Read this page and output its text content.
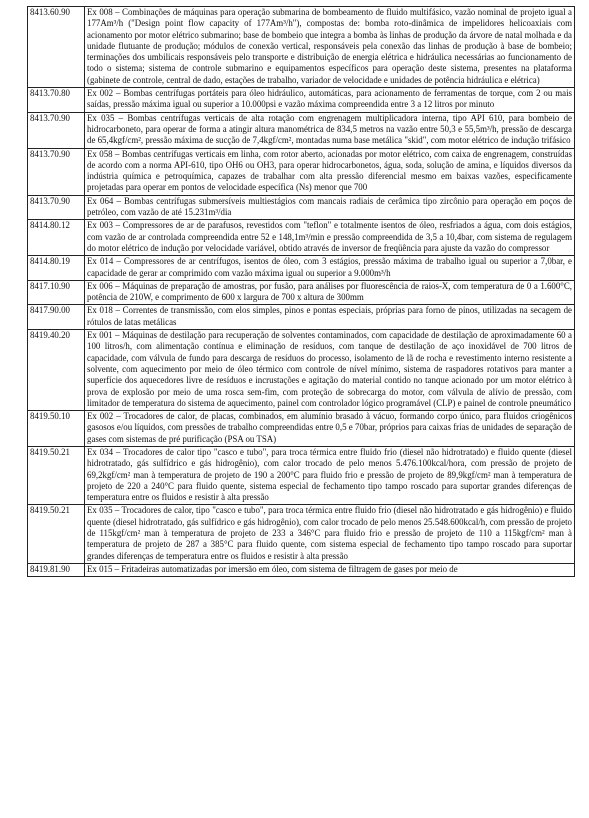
8413.60.90	Ex 008 – Combinações de máquinas para operação submarina de bombeamento de fluido multifásico, vazão nominal de projeto igual a 177Am³/h ("Design point flow capacity of 177Am³/h"), compostas de: bomba roto-dinâmica de impelidores helicoaxiais com acionamento por motor elétrico submarino; base de bombeio que integra a bomba às linhas de produção da árvore de natal molhada e da unidade flutuante de produção; módulos de conexão vertical, responsáveis pela conexão das linhas de produção à base de bombeio; terminações dos umbilicais responsáveis pelo transporte e distribuição de energia elétrica e hidráulica necessárias ao funcionamento de todo o sistema; sistema de controle submarino e equipamentos específicos para operação deste sistema, presentes na plataforma (gabinete de controle, central de dado, estações de trabalho, variador de velocidade e unidades de potência hidráulica e elétrica)
8413.70.80	Ex 002 – Bombas centrífugas portáteis para óleo hidráulico, automáticas, para acionamento de ferramentas de torque, com 2 ou mais saídas, pressão máxima igual ou superior a 10.000psi e vazão máxima compreendida entre 3 a 12 litros por minuto
8413.70.90	Ex 035 – Bombas centrífugas verticais de alta rotação com engrenagem multiplicadora interna, tipo API 610, para bombeio de hidrocarboneto, para operar de forma a atingir altura manométrica de 834,5 metros na vazão entre 50,3 e 55,5m³/h, pressão de descarga de 65,4kgf/cm², pressão máxima de sucção de 7,4kgf/cm², montadas numa base metálica "skid", com motor elétrico de indução trifásico
8413.70.90	Ex 058 – Bombas centrífugas verticais em linha, com rotor aberto, acionadas por motor elétrico, com caixa de engrenagem, construídas de acordo com a norma API-610, tipo OH6 ou OH3, para operar hidrocarbonetos, água, soda, solução de amina, e líquidos diversos da indústria química e petroquímica, capazes de trabalhar com alta pressão diferencial mesmo em baixas vazões, especificamente projetadas para operar em pontos de velocidade específica (Ns) menor que 700
8413.70.90	Ex 064 – Bombas centrífugas submersíveis multiestágios com mancais radiais de cerâmica tipo zircônio para operação em poços de petróleo, com vazão de até 15.231m³/dia
8414.80.12	Ex 003 – Compressores de ar de parafusos, revestidos com "teflon" e totalmente isentos de óleo, resfriados a água, com dois estágios, com vazão de ar controlada compreendida entre 52 e 148,1m³/min e pressão compreendida de 3,5 a 10,4bar, com sistema de regulagem do motor elétrico de indução por velocidade variável, obtido através de inversor de freqüência para ajuste da vazão do compressor
8414.80.19	Ex 014 – Compressores de ar centrífugos, isentos de óleo, com 3 estágios, pressão máxima de trabalho igual ou superior a 7,0bar, e capacidade de gerar ar comprimido com vazão máxima igual ou superior a 9.000m³/h
8417.10.90	Ex 006 – Máquinas de preparação de amostras, por fusão, para análises por fluorescência de raios-X, com temperatura de 0 a 1.600°C, potência de 210W, e comprimento de 600 x largura de 700 x altura de 300mm
8417.90.00	Ex 018 – Correntes de transmissão, com elos simples, pinos e pontas especiais, próprias para forno de pinos, utilizadas na secagem de rótulos de latas metálicas
8419.40.20	Ex 001 – Máquinas de destilação para recuperação de solventes contaminados, com capacidade de destilação de aproximadamente 60 a 100 litros/h, com alimentação contínua e eliminação de resíduos, com tanque de destilação de aço inoxidável de 700 litros de capacidade, com válvula de fundo para descarga de resíduos do processo, isolamento de lã de rocha e revestimento interno resistente a solvente, com aquecimento por meio de óleo térmico com controle de nível mínimo, sistema de raspadores rotativos para manter a superfície dos aquecedores livre de resíduos e incrustações e agitação do material contido no tanque acionado por um motor elétrico à prova de explosão por meio de uma rosca sem-fim, com proteção de sobrecarga do motor, com válvula de alívio de pressão, com limitador de temperatura do sistema de aquecimento, painel com controlador lógico programável (CLP) e painel de controle pneumático
8419.50.10	Ex 002 – Trocadores de calor, de placas, combinados, em alumínio brasado à vácuo, formando corpo único, para fluidos criogênicos gasosos e/ou líquidos, com pressões de trabalho compreendidas entre 0,5 e 70bar, próprios para caixas frias de unidades de separação de gases com sistemas de pré purificação (PSA ou TSA)
8419.50.21	Ex 034 – Trocadores de calor tipo "casco e tubo", para troca térmica entre fluido frio (diesel não hidrotratado) e fluido quente (diesel hidrotratado, gás sulfídrico e gás hidrogênio), com calor trocado de pelo menos 5.476.100kcal/hora, com pressão de projeto de 69,2kgf/cm² man à temperatura de projeto de 190 a 200°C para fluido frio e pressão de projeto de 89,9kgf/cm² man à temperatura de projeto de 220 a 240°C para fluido quente, sistema especial de fechamento tipo tampo roscado para suportar grandes diferenças de temperatura entre os fluidos e resistir à alta pressão
8419.50.21	Ex 035 – Trocadores de calor, tipo "casco e tubo", para troca térmica entre fluido frio (diesel não hidrotratado e gás hidrogênio) e fluido quente (diesel hidrotratado, gás sulfídrico e gás hidrogênio), com calor trocado de pelo menos 25.548.600kcal/h, com pressão de projeto de 115kgf/cm² man à temperatura de projeto de 233 a 346°C para fluido frio e pressão de projeto de 110 a 115kgf/cm² man à temperatura de projeto de 287 a 385°C para fluido quente, com sistema especial de fechamento tipo tampo roscado para suportar grandes diferenças de temperatura entre os fluidos e resistir à alta pressão
8419.81.90	Ex 015 – Fritadeiras automatizadas por imersão em óleo, com sistema de filtragem de gases por meio de
